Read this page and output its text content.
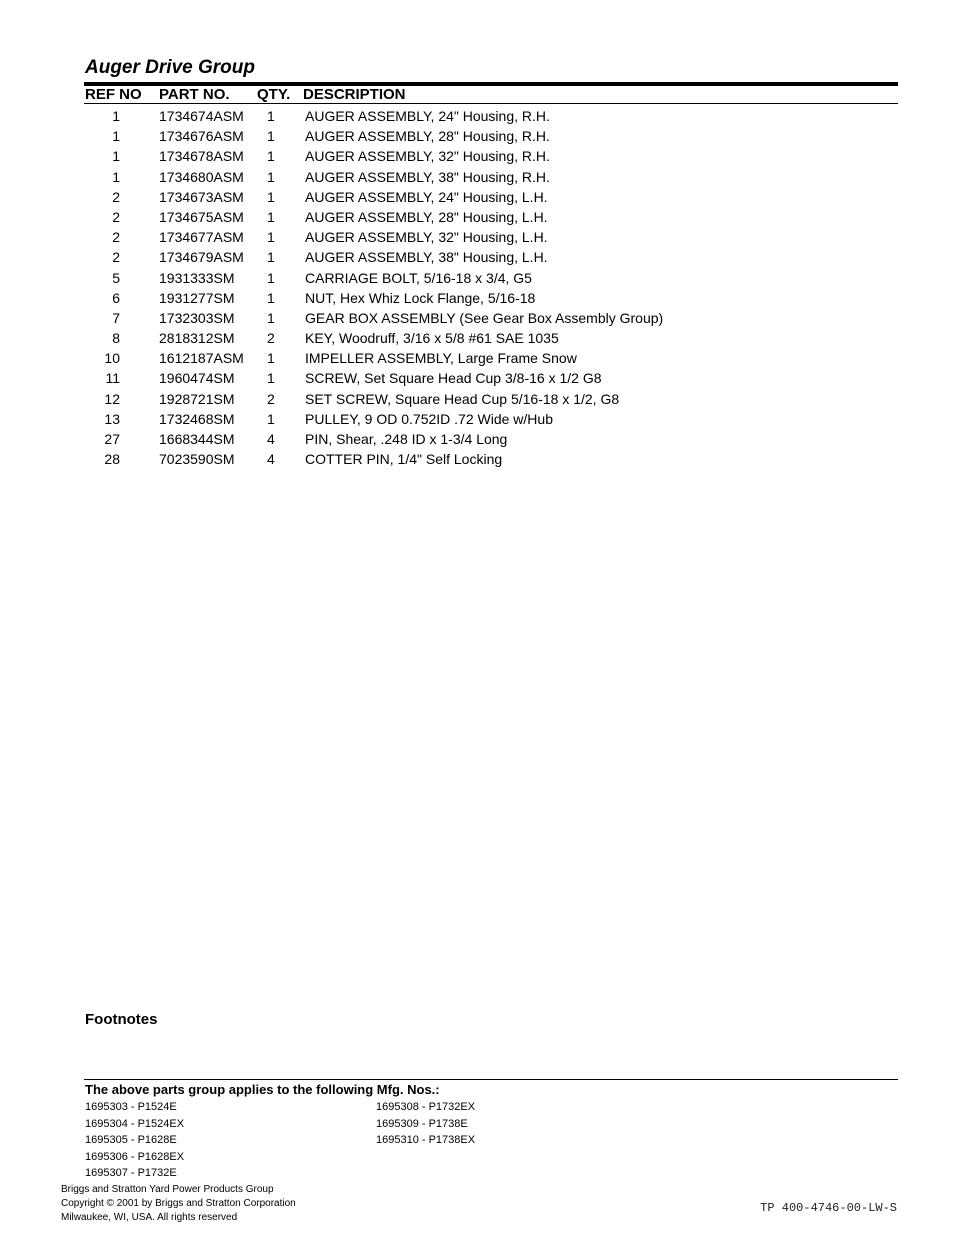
Auger Drive Group
REF NO PART NO. QTY. DESCRIPTION
1	1734674ASM 1 AUGER ASSEMBLY, 24" Housing, R.H.
1	1734676ASM 1 AUGER ASSEMBLY, 28" Housing, R.H.
1	1734678ASM 1 AUGER ASSEMBLY, 32" Housing, R.H.
1	1734680ASM 1 AUGER ASSEMBLY, 38" Housing, R.H.
2	1734673ASM 1 AUGER ASSEMBLY, 24" Housing, L.H.
2	1734675ASM 1 AUGER ASSEMBLY, 28" Housing, L.H.
2	1734677ASM 1 AUGER ASSEMBLY, 32" Housing, L.H.
2	1734679ASM 1 AUGER ASSEMBLY, 38" Housing, L.H.
5	1931333SM 1 CARRIAGE BOLT, 5/16-18 x 3/4, G5
6	1931277SM 1 NUT, Hex Whiz Lock Flange, 5/16-18
7	1732303SM 1 GEAR BOX ASSEMBLY (See Gear Box Assembly Group)
8	2818312SM 2 KEY, Woodruff, 3/16 x 5/8 #61 SAE 1035
10	1612187ASM 1 IMPELLER ASSEMBLY, Large Frame Snow
11	1960474SM 1 SCREW, Set Square Head Cup 3/8-16 x 1/2 G8
12	1928721SM 2 SET SCREW, Square Head Cup 5/16-18 x 1/2, G8
13	1732468SM 1 PULLEY, 9 OD 0.752ID .72 Wide w/Hub
27	1668344SM 4 PIN, Shear, .248 ID x 1-3/4 Long
28	7023590SM 4 COTTER PIN, 1/4" Self Locking
Footnotes
The above parts group applies to the following Mfg. Nos.:
1695303 - P1524E
1695304 - P1524EX
1695305 - P1628E
1695306 - P1628EX
1695307 - P1732E
1695308 - P1732EX
1695309 - P1738E
1695310 - P1738EX
Briggs and Stratton Yard Power Products Group
Copyright © 2001 by Briggs and Stratton Corporation
Milwaukee, WI, USA. All rights reserved
TP 400-4746-00-LW-S
